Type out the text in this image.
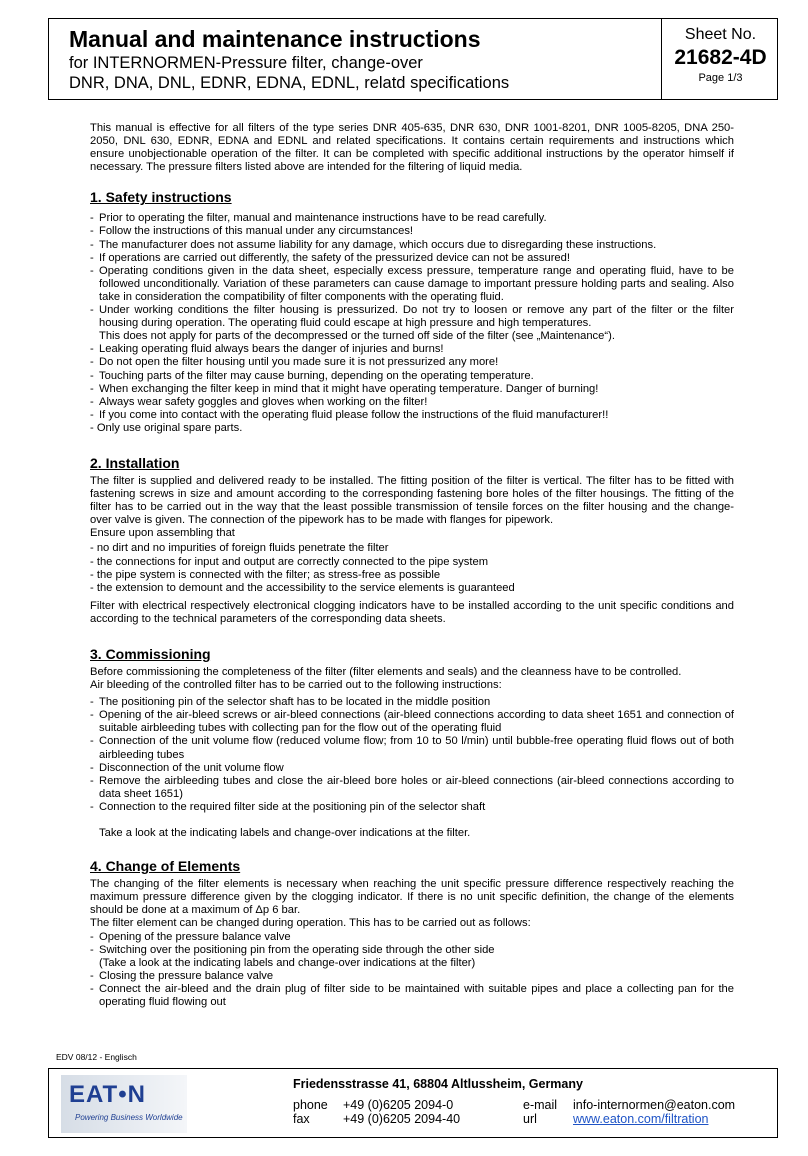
Manual and maintenance instructions
for INTERNORMEN-Pressure filter, change-over
DNR, DNA, DNL, EDNR, EDNA, EDNL, relatd specifications
Sheet No.
21682-4D
Page 1/3

This manual is effective for all filters of the type series DNR 405-635, DNR 630, DNR 1001-8201, DNR 1005-8205, DNA 250-2050, DNL 630, EDNR, EDNA and EDNL and related specifications. It contains certain requirements and instructions which ensure unobjectionable operation of the filter. It can be completed with specific additional instructions by the operator himself if necessary. The pressure filters listed above are intended for the filtering of liquid media.

1. Safety instructions
- Prior to operating the filter, manual and maintenance instructions have to be read carefully.
- Follow the instructions of this manual under any circumstances!
- The manufacturer does not assume liability for any damage, which occurs due to disregarding these instructions.
- If operations are carried out differently, the safety of the pressurized device can not be assured!
- Operating conditions given in the data sheet, especially excess pressure, temperature range and operating fluid, have to be followed unconditionally. Variation of these parameters can cause damage to important pressure holding parts and sealing. Also take in consideration the compatibility of filter components with the operating fluid.
- Under working conditions the filter housing is pressurized. Do not try to loosen or remove any part of the filter or the filter housing during operation. The operating fluid could escape at high pressure and high temperatures.
This does not apply for parts of the decompressed or the turned off side of the filter (see „Maintenance“).
- Leaking operating fluid always bears the danger of injuries and burns!
- Do not open the filter housing until you made sure it is not pressurized any more!
- Touching parts of the filter may cause burning, depending on the operating temperature.
- When exchanging the filter keep in mind that it might have operating temperature. Danger of burning!
- Always wear safety goggles and gloves when working on the filter!
- If you come into contact with the operating fluid please follow the instructions of the fluid manufacturer!!
- Only use original spare parts.
2. Installation

The filter is supplied and delivered ready to be installed. The fitting position of the filter is vertical. The filter has to be fitted with fastening screws in size and amount according to the corresponding fastening bore holes of the filter housings. The fitting of the filter has to be carried out in the way that the least possible transmission of tensile forces on the filter housing and the change-over valve is given. The connection of the pipework has to be made with flanges for pipework.

Ensure upon assembling that

- no dirt and no impurities of foreign fluids penetrate the filter
- the connections for input and output are correctly connected to the pipe system
- the pipe system is connected with the filter; as stress-free as possible
- the extension to demount and the accessibility to the service elements is guaranteed

Filter with electrical respectively electronical clogging indicators have to be installed according to the unit specific conditions and according to the technical parameters of the corresponding data sheets.

3. Commissioning

Before commissioning the completeness of the filter (filter elements and seals) and the cleanness have to be controlled.

Air bleeding of the controlled filter has to be carried out to the following instructions:

- The positioning pin of the selector shaft has to be located in the middle position
- Opening of the air-bleed screws or air-bleed connections (air-bleed connections according to data sheet 1651 and connection of suitable airbleeding tubes with collecting pan for the flow out of the operating fluid
- Connection of the unit volume flow (reduced volume flow; from 10 to 50 l/min) until bubble-free operating fluid flows out of both airbleeding tubes
- Disconnection of the unit volume flow
- Remove the airbleeding tubes and close the air-bleed bore holes or air-bleed connections (air-bleed connections according to data sheet 1651)
- Connection to the required filter side at the positioning pin of the selector shaft
Take a look at the indicating labels and change-over indications at the filter.
4. Change of Elements

The changing of the filter elements is necessary when reaching the unit specific pressure difference respectively reaching the maximum pressure difference given by the clogging indicator. If there is no unit specific definition, the change of the elements should be done at a maximum of Δp 6 bar.

The filter element can be changed during operation. This has to be carried out as follows:

- Opening of the pressure balance valve
- Switching over the positioning pin from the operating side through the other side
(Take a look at the indicating labels and change-over indications at the filter)
- Closing the pressure balance valve
- Connect the air-bleed and the drain plug of filter side to be maintained with suitable pipes and place a collecting pan for the operating fluid flowing out
EDV 08/12 - Englisch
EAT•N
Powering Business Worldwide
Friedensstrasse 41, 68804 Altlussheim, Germany
phone +49 (0)6205 2094-0
fax	+49 (0)6205 2094-40
e-mail info-internormen@eaton.com
url	www.eaton.com/filtration
